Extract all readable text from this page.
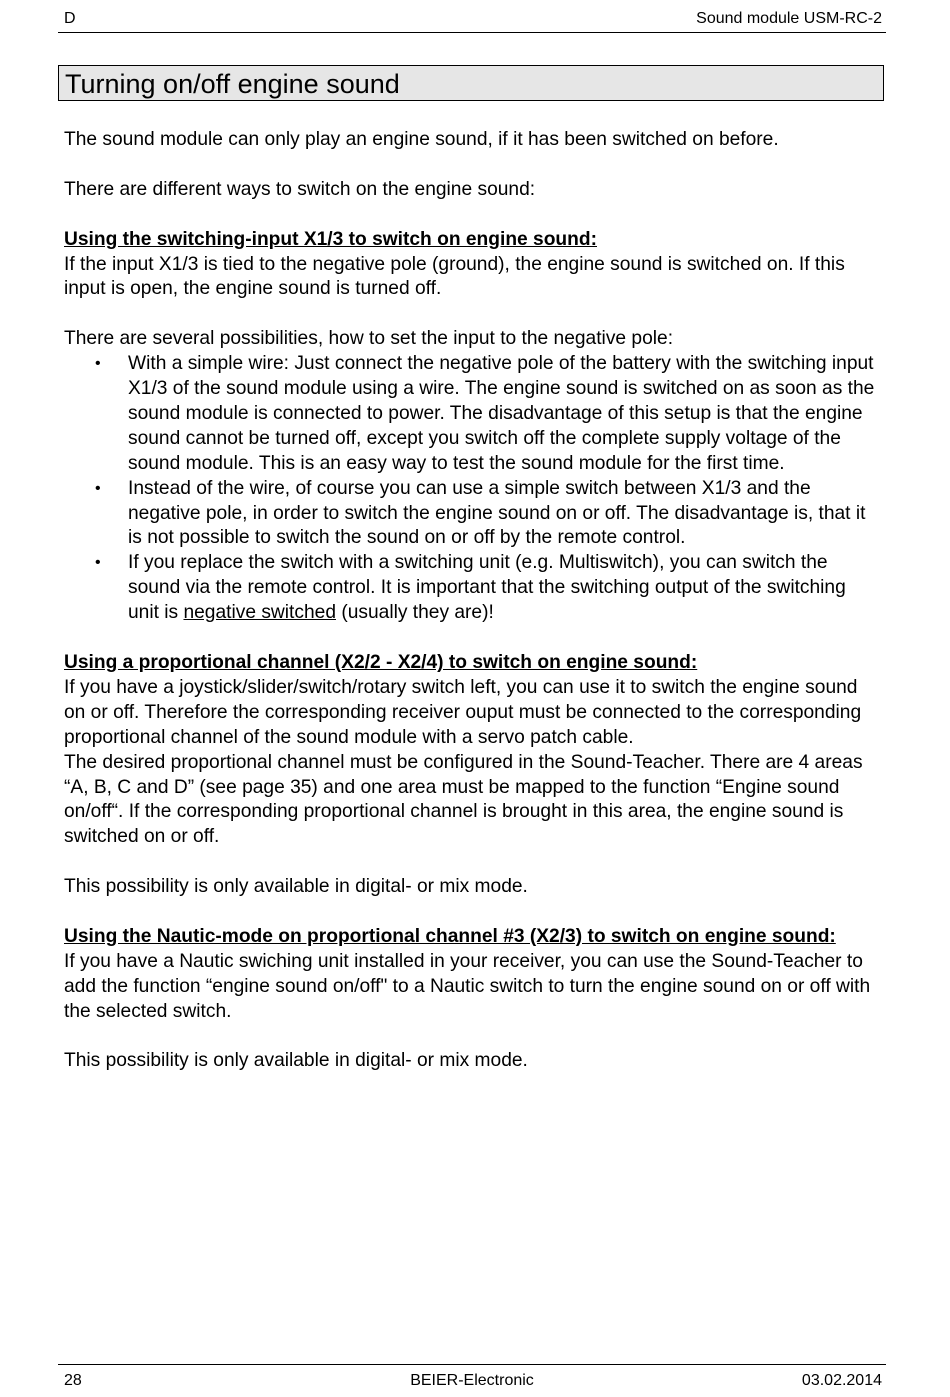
D	Sound module USM-RC-2
Turning on/off engine sound

The sound module can only play an engine sound, if it has been switched on before.

There are different ways to switch on the engine sound:

Using the switching-input X1/3 to switch on engine sound:

If the input X1/3 is tied to the negative pole (ground), the engine sound is switched on. If this input is open, the engine sound is turned off.

There are several possibilities, how to set the input to the negative pole:

• With a simple wire: Just connect the negative pole of the battery with the switching input X1/3 of the sound module using a wire. The engine sound is switched on as soon as the sound module is connected to power. The disadvantage of this setup is that the engine sound cannot be turned off, except you switch off the complete supply voltage of the sound module. This is an easy way to test the sound module for the first time.
• Instead of the wire, of course you can use a simple switch between X1/3 and the negative pole, in order to switch the engine sound on or off. The disadvantage is, that it is not possible to switch the sound on or off by the remote control.
• If you replace the switch with a switching unit (e.g. Multiswitch), you can switch the sound via the remote control. It is important that the switching output of the switching unit is negative switched (usually they are)!

Using a proportional channel (X2/2 - X2/4) to switch on engine sound:

If you have a joystick/slider/switch/rotary switch left, you can use it to switch the engine sound on or off. Therefore the corresponding receiver ouput must be connected to the corresponding proportional channel of the sound module with a servo patch cable.

The desired proportional channel must be configured in the Sound-Teacher. There are 4 areas “A, B, C and D” (see page 35) and one area must be mapped to the function “Engine sound on/off“. If the corresponding proportional channel is brought in this area, the engine sound is switched on or off.

This possibility is only available in digital- or mix mode.

Using the Nautic-mode on proportional channel #3 (X2/3) to switch on engine sound:

If you have a Nautic swiching unit installed in your receiver, you can use the Sound-Teacher to add the function “engine sound on/off" to a Nautic switch to turn the engine sound on or off with the selected switch.

This possibility is only available in digital- or mix mode.

28	BEIER-Electronic	03.02.2014
